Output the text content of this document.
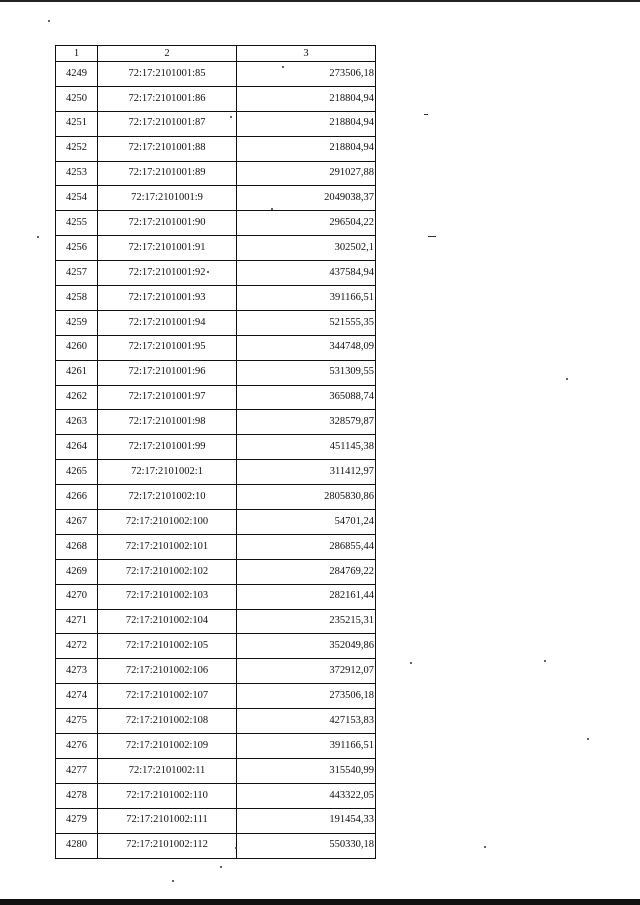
1	2	3
4249	72:17:2101001:85	273506,18
4250	72:17:2101001:86	218804,94
4251	72:17:2101001:87	218804,94
4252	72:17:2101001:88	218804,94
4253	72:17:2101001:89	291027,88
4254	72:17:2101001:9	2049038,37
4255	72:17:2101001:90	296504,22
4256	72:17:2101001:91	302502,1
4257	72:17:2101001:92	437584,94
4258	72:17:2101001:93	391166,51
4259	72:17:2101001:94	521555,35
4260	72:17:2101001:95	344748,09
4261	72:17:2101001:96	531309,55
4262	72:17:2101001:97	365088,74
4263	72:17:2101001:98	328579,87
4264	72:17:2101001:99	451145,38
4265	72:17:2101002:1	311412,97
4266	72:17:2101002:10	2805830,86
4267	72:17:2101002:100	54701,24
4268	72:17:2101002:101	286855,44
4269	72:17:2101002:102	284769,22
4270	72:17:2101002:103	282161,44
4271	72:17:2101002:104	235215,31
4272	72:17:2101002:105	352049,86
4273	72:17:2101002:106	372912,07
4274	72:17:2101002:107	273506,18
4275	72:17:2101002:108	427153,83
4276	72:17:2101002:109	391166,51
4277	72:17:2101002:11	315540,99
4278	72:17:2101002:110	443322,05
4279	72:17:2101002:111	191454,33
4280	72:17:2101002:112	550330,18
